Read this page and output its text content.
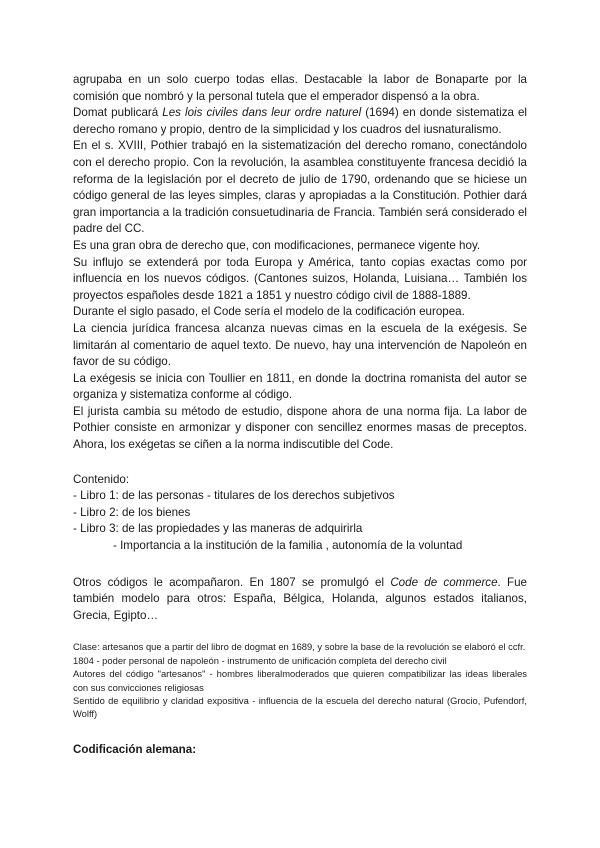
agrupaba en un solo cuerpo todas ellas. Destacable la labor de Bonaparte por la comisión que nombró y la personal tutela que el emperador dispensó a la obra.

Domat publicará Les lois civiles dans leur ordre naturel (1694) en donde sistematiza el derecho romano y propio, dentro de la simplicidad y los cuadros del iusnaturalismo.

En el s. XVIII, Pothier trabajó en la sistematización del derecho romano, conectándolo con el derecho propio. Con la revolución, la asamblea constituyente francesa decidió la reforma de la legislación por el decreto de julio de 1790, ordenando que se hiciese un código general de las leyes simples, claras y apropiadas a la Constitución. Pothier dará gran importancia a la tradición consuetudinaria de Francia. También será considerado el padre del CC.

Es una gran obra de derecho que, con modificaciones, permanece vigente hoy.

Su influjo se extenderá por toda Europa y América, tanto copias exactas como por influencia en los nuevos códigos. (Cantones suizos, Holanda, Luisiana… También los proyectos españoles desde 1821 a 1851 y nuestro código civil de 1888-1889.

Durante el siglo pasado, el Code sería el modelo de la codificación europea.

La ciencia jurídica francesa alcanza nuevas cimas en la escuela de la exégesis. Se limitarán al comentario de aquel texto. De nuevo, hay una intervención de Napoleón en favor de su código.

La exégesis se inicia con Toullier en 1811, en donde la doctrina romanista del autor se organiza y sistematiza conforme al código.

El jurista cambia su método de estudio, dispone ahora de una norma fija. La labor de Pothier consiste en armonizar y disponer con sencillez enormes masas de preceptos. Ahora, los exégetas se ciñen a la norma indiscutible del Code.

Contenido:

- Libro 1: de las personas - titulares de los derechos subjetivos

- Libro 2: de los bienes

- Libro 3: de las propiedades y las maneras de adquirirla

- Importancia a la institución de la familia , autonomía de la voluntad

Otros códigos le acompañaron. En 1807 se promulgó el Code de commerce. Fue también modelo para otros: España, Bélgica, Holanda, algunos estados italianos, Grecia, Egipto…

Clase: artesanos que a partir del libro de dogmat en 1689, y sobre la base de la revolución se elaboró el ccfr.

1804 - poder personal de napoleón - instrumento de unificación completa del derecho civil

Autores del código "artesanos" - hombres liberalmoderados que quieren compatibilizar las ideas liberales con sus convicciones religiosas

Sentido de equilibrio y claridad expositiva - influencia de la escuela del derecho natural (Grocio, Pufendorf, Wolff)

Codificación alemana:
